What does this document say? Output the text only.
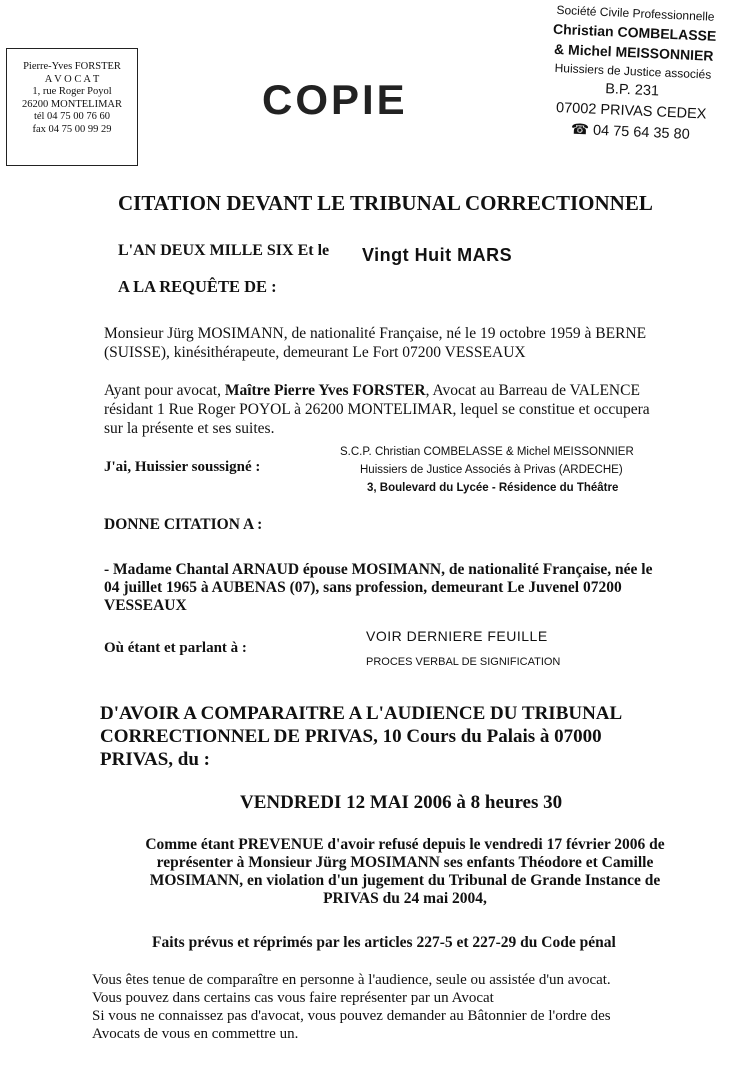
Pierre-Yves FORSTER
A V O C A T
1, rue Roger Poyol
26200 MONTELIMAR
tél 04 75 00 76 60
fax 04 75 00 99 29
COPIE
Société Civile Professionnelle
Christian COMBELASSE
& Michel MEISSONNIER
Huissiers de Justice associés
B.P. 231
07002 PRIVAS CEDEX
☎ 04 75 64 35 80
CITATION DEVANT LE TRIBUNAL CORRECTIONNEL
L'AN DEUX MILLE SIX Et le Vingt Huit MARS
A LA REQUÊTE DE :
Monsieur Jürg MOSIMANN, de nationalité Française, né le 19 octobre 1959 à BERNE
(SUISSE), kinésithérapeute, demeurant Le Fort 07200 VESSEAUX
Ayant pour avocat, Maître Pierre Yves FORSTER, Avocat au Barreau de VALENCE
résidant 1 Rue Roger POYOL à 26200 MONTELIMAR, lequel se constitue et occupera
sur la présente et ses suites.
J'ai, Huissier soussigné :
S.C.P. Christian COMBELASSE & Michel MEISSONNIER
Huissiers de Justice Associés à Privas (ARDECHE)
3, Boulevard du Lycée - Résidence du Théâtre
DONNE CITATION A :
- Madame Chantal ARNAUD épouse MOSIMANN, de nationalité Française, née le
04 juillet 1965 à AUBENAS (07), sans profession, demeurant Le Juvenel 07200
VESSEAUX
Où étant et parlant à :
VOIR DERNIERE FEUILLE
PROCES VERBAL DE SIGNIFICATION
D'AVOIR A COMPARAITRE A L'AUDIENCE DU TRIBUNAL
CORRECTIONNEL DE PRIVAS, 10 Cours du Palais à 07000
PRIVAS, du :
VENDREDI 12 MAI 2006 à 8 heures 30
Comme étant PREVENUE d'avoir refusé depuis le vendredi 17 février 2006 de
représenter à Monsieur Jürg MOSIMANN ses enfants Théodore et Camille
MOSIMANN, en violation d'un jugement du Tribunal de Grande Instance de
PRIVAS du 24 mai 2004,
Faits prévus et réprimés par les articles 227-5 et 227-29 du Code pénal
Vous êtes tenue de comparaître en personne à l'audience, seule ou assistée d'un avocat.
Vous pouvez dans certains cas vous faire représenter par un Avocat
Si vous ne connaissez pas d'avocat, vous pouvez demander au Bâtonnier de l'ordre des
Avocats de vous en commettre un.
